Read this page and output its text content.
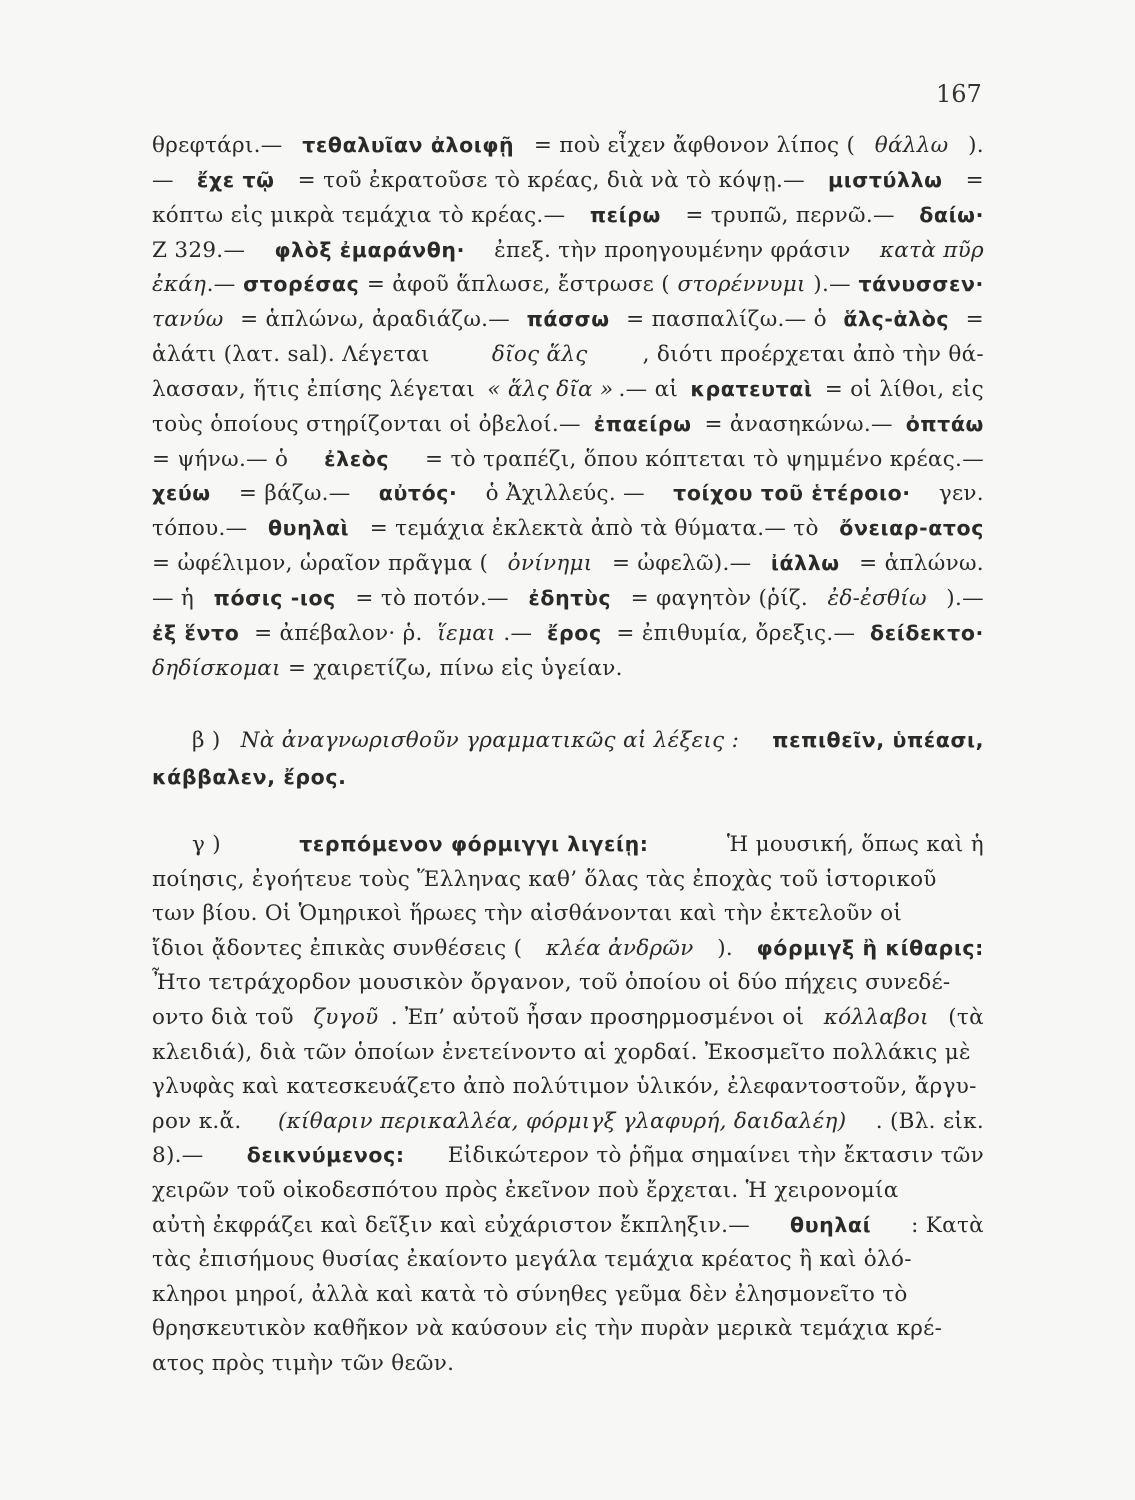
167
θρεφτάρι.— τεθαλυῖαν ἀλοιφῇ = ποὺ εἶχεν ἄφθονον λίπος ( θάλλω ).
— ἔχε τῷ = τοῦ ἐκρατοῦσε τὸ κρέας, διὰ νὰ τὸ κόψῃ.— μιστύλλω =
κόπτω εἰς μικρὰ τεμάχια τὸ κρέας.— πείρω = τρυπῶ, περνῶ.— δαίω·
Ζ 329.— φλὸξ ἐμαράνθη· ἐπεξ. τὴν προηγουμένην φράσιν κατὰ πῦρ
ἐκάη .— στορέσας = ἀφοῦ ἅπλωσε, ἔστρωσε ( στορέννυμι ).— τάνυσσεν·
τανύω = ἁπλώνω, ἀραδιάζω.— πάσσω = πασπαλίζω.— ὁ ἅλς-ἁλὸς =
ἁλάτι (λατ. sal). Λέγεται	δῖος ἅλς	, διότι προέρχεται ἀπὸ τὴν θά-
λασσαν, ἥτις ἐπίσης λέγεται « ἅλς δῖα » .— αἱ κρατευταὶ = οἱ λίθοι, εἰς
τοὺς ὁποίους στηρίζονται οἱ ὀβελοί.— ἐπαείρω = ἀνασηκώνω.— ὀπτάω
= ψήνω.— ὁ ἐλεὸς = τὸ τραπέζι, ὅπου κόπτεται τὸ ψημμένο κρέας.—
χεύω = βάζω.— αὐτός· ὁ Ἀχιλλεύς. — τοίχου τοῦ ἑτέροιο· γεν.
τόπου.— θυηλαὶ = τεμάχια ἐκλεκτὰ ἀπὸ τὰ θύματα.— τὸ ὄνειαρ-ατος
= ὠφέλιμον, ὡραῖον πρᾶγμα ( ὀνίνημι = ὠφελῶ).— ἰάλλω = ἁπλώνω.
— ἡ πόσις -ιος = τὸ ποτόν.— ἐδητὺς = φαγητὸν (ῥίζ. ἐδ-ἐσθίω ).—
ἐξ ἕντο = ἀπέβαλον· ῥ. ἵεμαι .— ἔρος = ἐπιθυμία, ὄρεξις.— δείδεκτο·
δηδίσκομαι = χαιρετίζω, πίνω εἰς ὑγείαν.
β ) Νὰ ἀναγνωρισθοῦν γραμματικῶς αἱ λέξεις :
πεπιθεῖν, ὑπέασι,
κάββαλεν, ἔρος.
γ )	τερπόμενον φόρμιγγι λιγείῃ:	Ἡ μουσική, ὅπως καὶ ἡ
ποίησις, ἐγοήτευε τοὺς Ἕλληνας καθ’ ὅλας τὰς ἐποχὰς τοῦ ἱστορικοῦ
των βίου. Οἱ Ὁμηρικοὶ ἥρωες τὴν αἰσθάνονται καὶ τὴν ἐκτελοῦν οἱ
ἴδιοι ᾄδοντες ἐπικὰς συνθέσεις ( κλέα ἀνδρῶν ). φόρμιγξ ἢ κίθαρις:
Ἦτο τετράχορδον μουσικὸν ὄργανον, τοῦ ὁποίου οἱ δύο πήχεις συνεδέ-
οντο διὰ τοῦ ζυγοῦ . Ἐπ’ αὐτοῦ ἦσαν προσηρμοσμένοι οἱ κόλλαβοι (τὰ
κλειδιά), διὰ τῶν ὁποίων ἐνετείνοντο αἱ χορδαί. Ἐκοσμεῖτο πολλάκις μὲ
γλυφὰς καὶ κατεσκευάζετο ἀπὸ πολύτιμον ὑλικόν, ἐλεφαντοστοῦν, ἄργυ-
ρον κ.ἄ. (κίθαριν περικαλλέα, φόρμιγξ γλαφυρή, δαιδαλέη) . (Βλ. εἰκ.
8).— δεικνύμενος: Εἰδικώτερον τὸ ῥῆμα σημαίνει τὴν ἔκτασιν τῶν
χειρῶν τοῦ οἰκοδεσπότου πρὸς ἐκεῖνον ποὺ ἔρχεται. Ἡ χειρονομία
αὐτὴ ἐκφράζει καὶ δεῖξιν καὶ εὐχάριστον ἔκπληξιν.— θυηλαί : Κατὰ
τὰς ἐπισήμους θυσίας ἐκαίοντο μεγάλα τεμάχια κρέατος ἢ καὶ ὁλό-
κληροι μηροί, ἀλλὰ καὶ κατὰ τὸ σύνηθες γεῦμα δὲν ἐλησμονεῖτο τὸ
θρησκευτικὸν καθῆκον νὰ καύσουν εἰς τὴν πυρὰν μερικὰ τεμάχια κρέ-
ατος πρὸς τιμὴν τῶν θεῶν.
